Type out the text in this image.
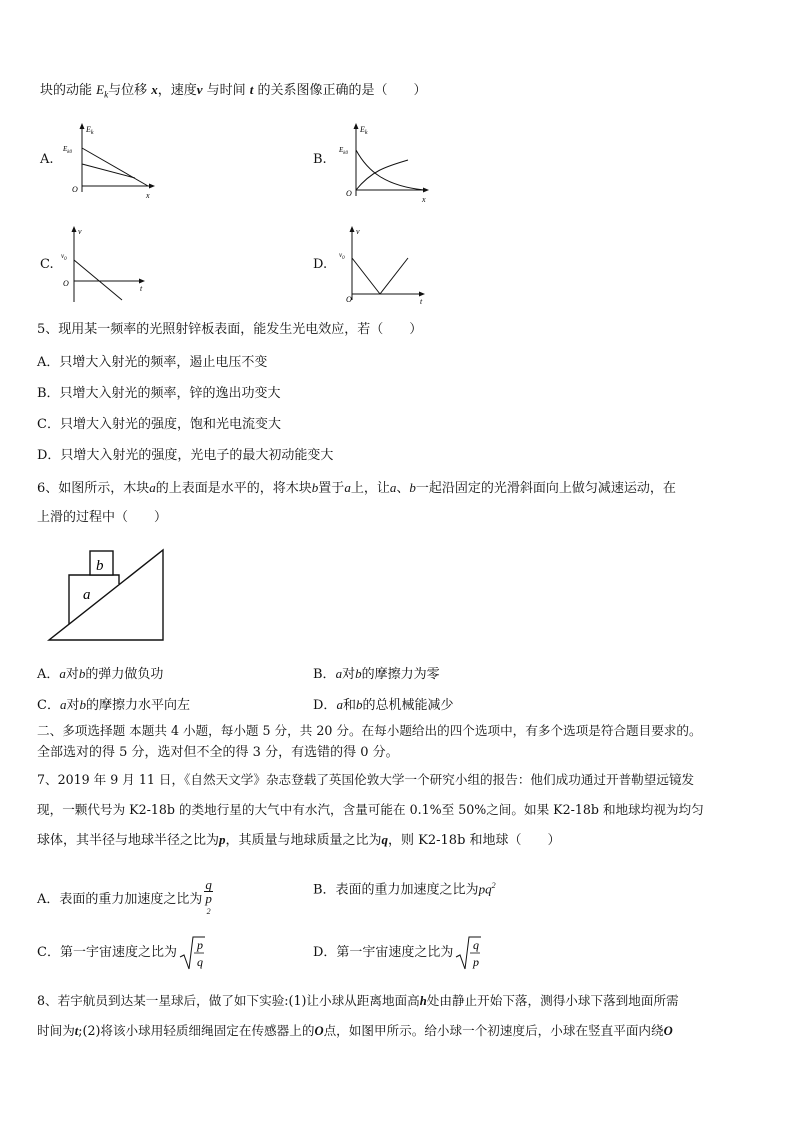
块的动能 $E_k$与位移 x，速度v 与时间 t 的关系图像正确的是（　　）
A.
$E_k$
$E_{k0}$
O
x
B.
$E_k$
$E_{k0}$
O
x
C.
v
$v_0$
O
t
D.
v
$v_0$
O	t
5、现用某一频率的光照射锌板表面，能发生光电效应，若（　　）
A．只增大入射光的频率，遏止电压不变
B．只增大入射光的频率，锌的逸出功变大
C．只增大入射光的强度，饱和光电流变大
D．只增大入射光的强度，光电子的最大初动能变大
6、如图所示，木块a的上表面是水平的，将木块b置于a上，让a、b一起沿固定的光滑斜面向上做匀减速运动，在
上滑的过程中（　　）
a
b
A．a对b的弹力做负功	B．a对b的摩擦力为零
C．a对b的摩擦力水平向左	D．a和b的总机械能减少
二、多项选择题 本题共 4 小题，每小题 5 分，共 20 分。在每小题给出的四个选项中，有多个选项是符合题目要求的。
全部选对的得 5 分，选对但不全的得 3 分，有选错的得 0 分。
7、2019 年 9 月 11 日，《自然天文学》杂志登载了英国伦敦大学一个研究小组的报告：他们成功通过开普勒望远镜发
现，一颗代号为 K2-18b 的类地行星的大气中有水汽，含量可能在 0.1%至 50%之间。如果 K2-18b 和地球均视为均匀
球体，其半径与地球半径之比为p，其质量与地球质量之比为q，则 K2-18b 和地球（　　）
A．表面的重力加速度之比为 q
p
$^2$	B．表面的重力加速度之比为$pq^2$
C．第一宇宙速度之比为 p
q
D．第一宇宙速度之比为 q
p
8、若宇航员到达某一星球后，做了如下实验:(1)让小球从距离地面高h处由静止开始下落，测得小球下落到地面所需
时间为t;(2)将该小球用轻质细绳固定在传感器上的O点，如图甲所示。给小球一个初速度后，小球在竖直平面内绕O
